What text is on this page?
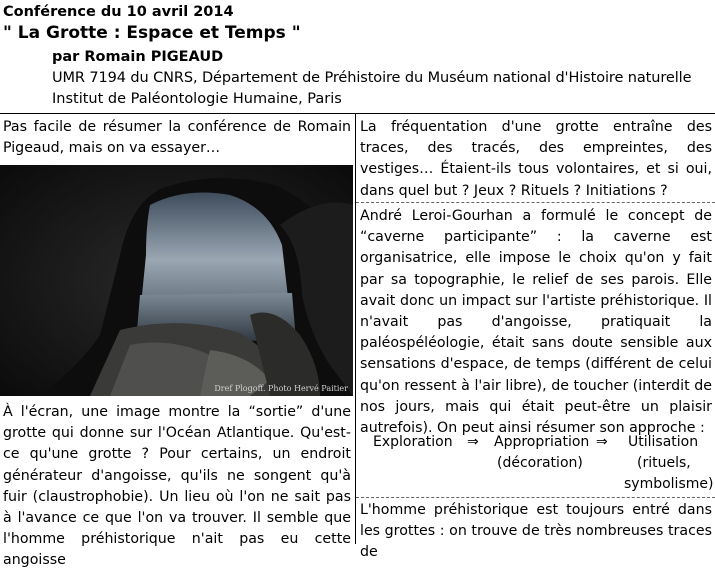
Conférence du 10 avril 2014
" La Grotte : Espace et Temps "
par Romain PIGEAUD
UMR 7194 du CNRS, Département de Préhistoire du Muséum national d'Histoire naturelle
Institut de Paléontologie Humaine, Paris

Pas facile de résumer la conférence de Romain Pigeaud, mais on va essayer…

Dref Plogoff. Photo Hervé Paitier

À l'écran, une image montre la “sortie” d'une grotte qui donne sur l'Océan Atlantique. Qu'est-ce qu'une grotte ? Pour certains, un endroit générateur d'angoisse, qu'ils ne songent qu'à fuir (claustrophobie). Un lieu où l'on ne sait pas à l'avance ce que l'on va trouver. Il semble que l'homme préhistorique n'ait pas eu cette angoisse

La fréquentation d'une grotte entraîne des traces, des tracés, des empreintes, des vestiges… Étaient-ils tous volontaires, et si oui, dans quel but ? Jeux ? Rituels ? Initiations ?

André Leroi-Gourhan a formulé le concept de “caverne participante” : la caverne est organisatrice, elle impose le choix qu'on y fait par sa topographie, le relief de ses parois. Elle avait donc un impact sur l'artiste préhistorique. Il n'avait pas d'angoisse, pratiquait la paléospéléologie, était sans doute sensible aux sensations d'espace, de temps (différent de celui qu'on ressent à l'air libre), de toucher (interdit de nos jours, mais qui était peut-être un plaisir autrefois). On peut ainsi résumer son approche :

Exploration ⇒ Appropriation
(décoration)
⇒ Utilisation
(rituels,
symbolisme)

L'homme préhistorique est toujours entré dans les grottes : on trouve de très nombreuses traces de
